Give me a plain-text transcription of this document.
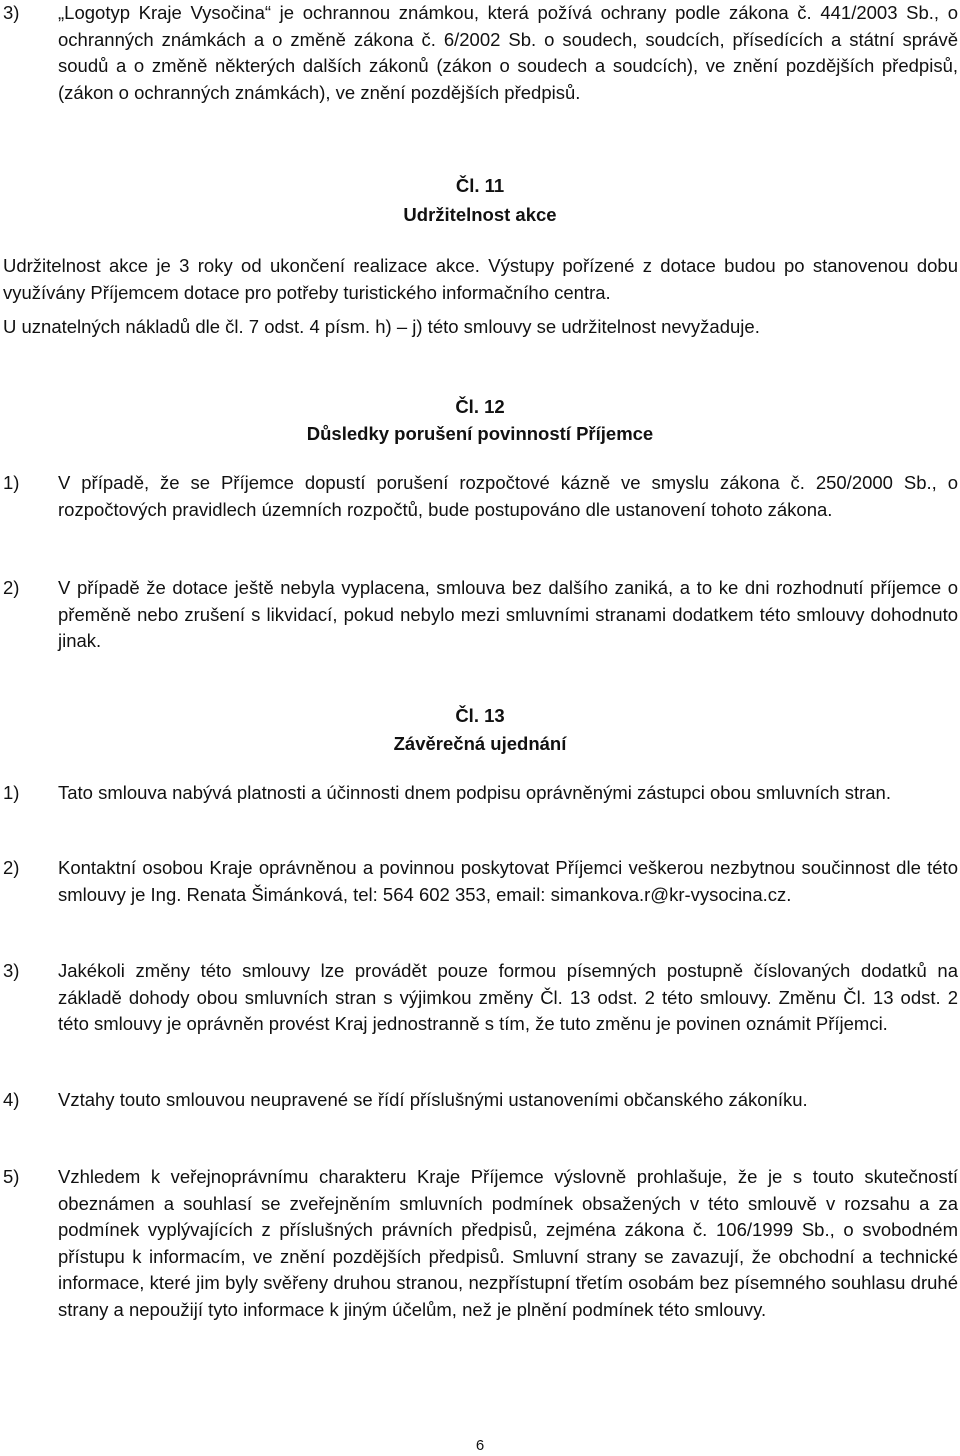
3)	„Logotyp Kraje Vysočina“ je ochrannou známkou, která požívá ochrany podle zákona č. 441/2003 Sb., o ochranných známkách a o změně zákona č. 6/2002 Sb. o soudech, soudcích, přísedících a státní správě soudů a o změně některých dalších zákonů (zákon o soudech a soudcích), ve znění pozdějších předpisů, (zákon o ochranných známkách), ve znění pozdějších předpisů.
Čl. 11
Udržitelnost akce
Udržitelnost akce je 3 roky od ukončení realizace akce. Výstupy pořízené z dotace budou po stanovenou dobu využívány Příjemcem dotace pro potřeby turistického informačního centra.
U uznatelných nákladů dle čl. 7 odst. 4 písm. h) – j) této smlouvy se udržitelnost nevyžaduje.
Čl. 12
Důsledky porušení povinností Příjemce
1)	V případě, že se Příjemce dopustí porušení rozpočtové kázně ve smyslu zákona č. 250/2000 Sb., o rozpočtových pravidlech územních rozpočtů, bude postupováno dle ustanovení tohoto zákona.
2)	V případě že dotace ještě nebyla vyplacena, smlouva bez dalšího zaniká, a to ke dni rozhodnutí příjemce o přeměně nebo zrušení s likvidací, pokud nebylo mezi smluvními stranami dodatkem této smlouvy dohodnuto jinak.
Čl. 13
Závěrečná ujednání
1)	Tato smlouva nabývá platnosti a účinnosti dnem podpisu oprávněnými zástupci obou smluvních stran.
2)	Kontaktní osobou Kraje oprávněnou a povinnou poskytovat Příjemci veškerou nezbytnou součinnost dle této smlouvy je Ing. Renata Šimánková, tel: 564 602 353, email: simankova.r@kr-vysocina.cz.
3)	Jakékoli změny této smlouvy lze provádět pouze formou písemných postupně číslovaných dodatků na základě dohody obou smluvních stran s výjimkou změny Čl. 13 odst. 2 této smlouvy. Změnu Čl. 13 odst. 2 této smlouvy je oprávněn provést Kraj jednostranně s tím, že tuto změnu je povinen oznámit Příjemci.
4)	Vztahy touto smlouvou neupravené se řídí příslušnými ustanoveními občanského zákoníku.
5)	Vzhledem k veřejnoprávnímu charakteru Kraje Příjemce výslovně prohlašuje, že je s touto skutečností obeznámen a souhlasí se zveřejněním smluvních podmínek obsažených v této smlouvě v rozsahu a za podmínek vyplývajících z příslušných právních předpisů, zejména zákona č. 106/1999 Sb., o svobodném přístupu k informacím, ve znění pozdějších předpisů. Smluvní strany se zavazují, že obchodní a technické informace, které jim byly svěřeny druhou stranou, nezpřístupní třetím osobám bez písemného souhlasu druhé strany a nepoužijí tyto informace k jiným účelům, než je plnění podmínek této smlouvy.
6
